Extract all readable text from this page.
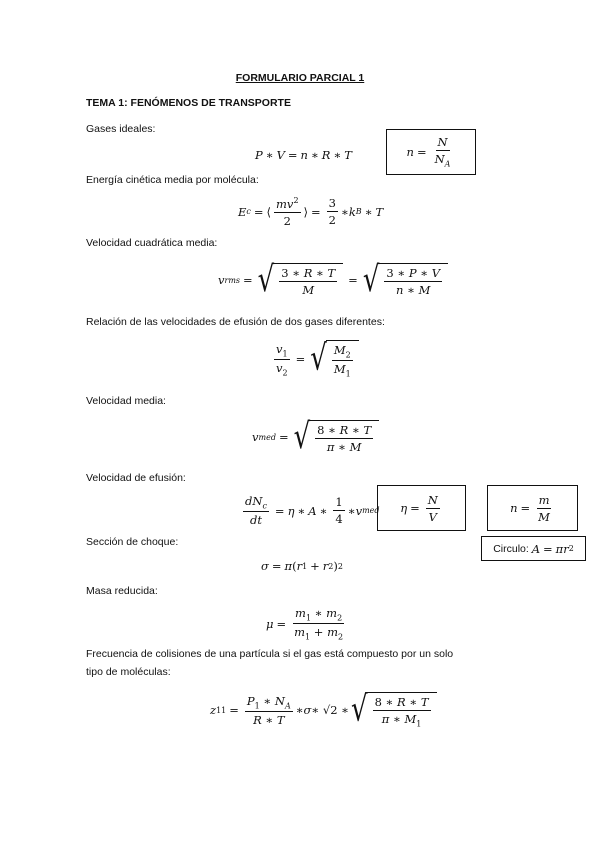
FORMULARIO PARCIAL 1
TEMA 1: FENÓMENOS DE TRANSPORTE
Gases ideales:
P ∗ V = n ∗ R ∗ T	$n = \frac{N}{N_A}$
Energía cinética media por molécula:
E c = ⟨ $\frac{mv^2}{2}$ ⟩ = $\frac{3}{2}$ ∗ k B ∗ T
Velocidad cuadrática media:
v rms = √ $\frac{3 ∗ R ∗ T}{M}$ = √ $\frac{3 ∗ P ∗ V}{n ∗ M}$
Relación de las velocidades de efusión de dos gases diferentes:
$\frac{v_1}{v_2}$ = √ $\frac{M_2}{M_1}$
Velocidad media:
v med = √ $\frac{8 ∗ R ∗ T}{\pi ∗ M}$
Velocidad de efusión:
$\frac{dN_c}{dt} = \eta$ ∗ A ∗ $\frac{1}{4}$ ∗ v med $\eta = \frac{N}{V}$	$n = \frac{m}{M}$
Sección de choque:
Circulo:
A = πr 2
σ = π ( r 1 + r 2 ) 2
Masa reducida:
$\mu = \frac{m_1 ∗ m_2}{m_1 + m_2}$
Frecuencia de colisiones de una partícula si el gas está compuesto por un solo
tipo de moléculas:
z $11 = \frac{P_1 ∗ N_A}{R ∗ T}$ ∗ σ ∗ √2 ∗ √ $\frac{8 ∗ R ∗ T}{\pi ∗ M_1}$
